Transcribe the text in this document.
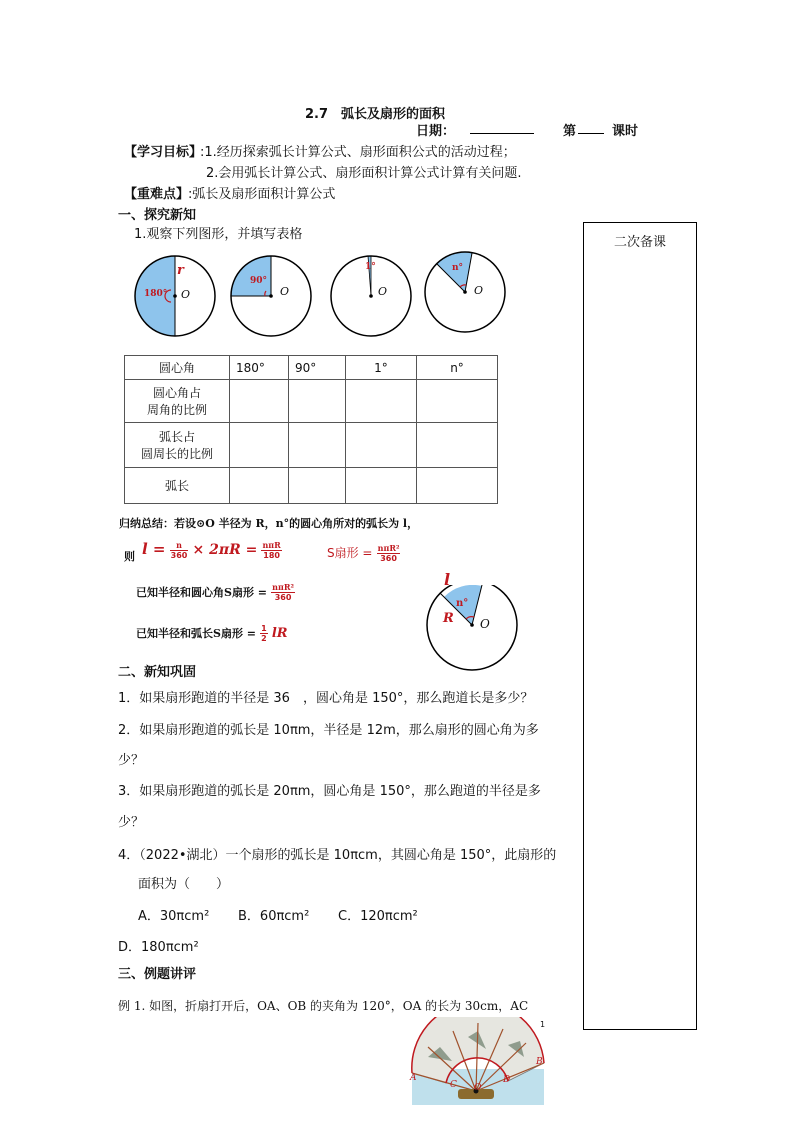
2.7　弧长及扇形的面积
日期：	第	课时
【学习目标】
:1.经历探索弧长计算公式、扇形面积公式的活动过程；
2.会用弧长计算公式、扇形面积计算公式计算有关问题.
【重难点】
:弧长及扇形面积计算公式
一、探究新知
1.观察下列图形，并填写表格
二次备课
r
180° O
90°
O
1°
O
n°
O
圆心角	180°	90°	1°	n°

圆心角占
周角的比例				

弧长占
圆周长的比例				

弧长				
归纳总结：若设⊙O 半径为 R，n°的圆心角所对的弧长为 l，
则 $l = \frac{n}{360} \times 2\pi R = \frac{\text{nπR}}{180}$	S扇形 = $\frac{\text{nπR²}}{360}$
已知半径和圆心角S扇形 = $\frac{\text{nπR²}}{360}$
已知半径和弧长S扇形 = $\frac{1}{2}$ lR
l
n°
R O
二、新知巩固
1．如果扇形跑道的半径是 36　，圆心角是 150°，那么跑道长是多少？
2．如果扇形跑道的弧长是 10πm，半径是 12m，那么扇形的圆心角为多
少？
3．如果扇形跑道的弧长是 20πm，圆心角是 150°，那么跑道的半径是多
少？
4．（2022•湖北）一个扇形的弧长是 10πcm，其圆心角是 150°，此扇形的
面积为（　　）
A．30πcm² B．60πcm² C．120πcm²
D．180πcm²
三、例题讲评
例 1. 如图，折扇打开后，OA、OB 的夹角为 120°，OA 的长为 30cm，AC
1
A
B
C	D
O
